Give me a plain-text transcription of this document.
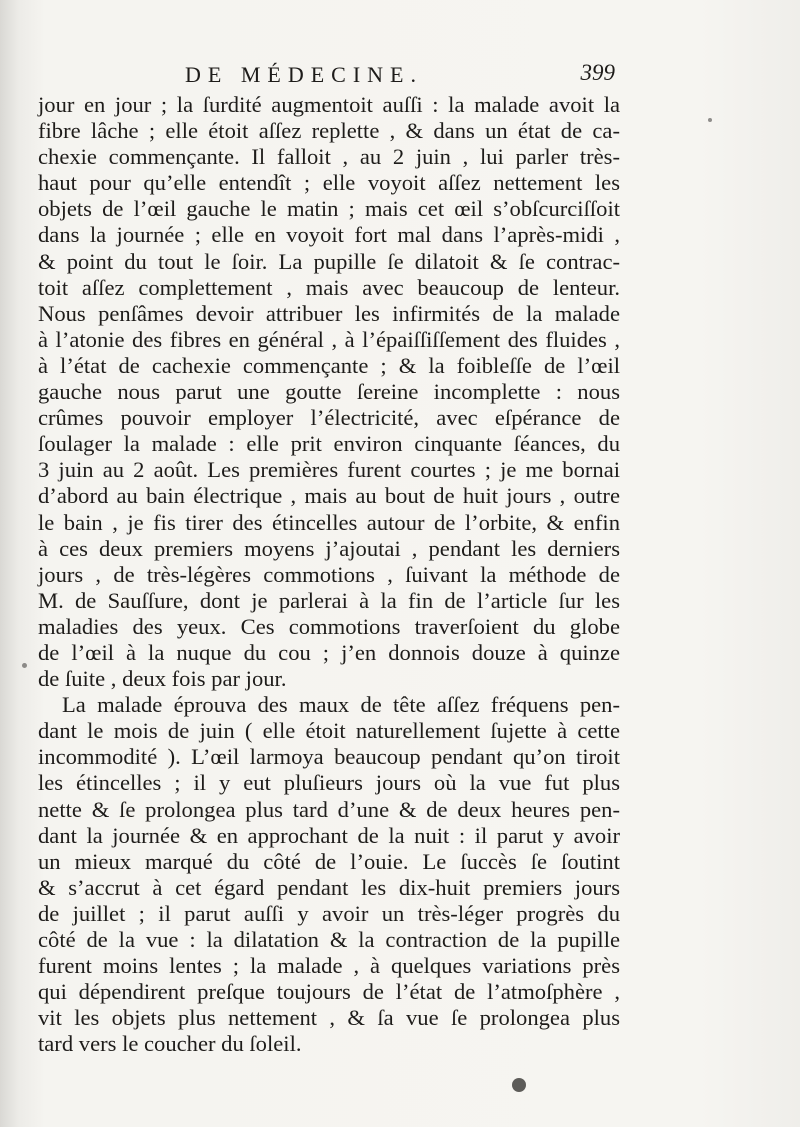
DE MÉDECINE.	399
jour en jour ; la ſurdité augmentoit auſſi : la malade avoit la
fibre lâche ; elle étoit aſſez replette , & dans un état de ca-
chexie commençante. Il falloit , au 2 juin , lui parler très-
haut pour qu’elle entendît ; elle voyoit aſſez nettement les
objets de l’œil gauche le matin ; mais cet œil s’obſcurciſſoit
dans la journée ; elle en voyoit fort mal dans l’après-midi ,
& point du tout le ſoir. La pupille ſe dilatoit & ſe contrac-
toit aſſez complettement , mais avec beaucoup de lenteur.
Nous penſâmes devoir attribuer les infirmités de la malade
à l’atonie des fibres en général , à l’épaiſſiſſement des fluides ,
à l’état de cachexie commençante ; & la foibleſſe de l’œil
gauche nous parut une goutte ſereine incomplette : nous
crûmes pouvoir employer l’électricité, avec eſpérance de
ſoulager la malade : elle prit environ cinquante ſéances, du
3 juin au 2 août. Les premières furent courtes ; je me bornai
d’abord au bain électrique , mais au bout de huit jours , outre
le bain , je fis tirer des étincelles autour de l’orbite, & enfin
à ces deux premiers moyens j’ajoutai , pendant les derniers
jours , de très-légères commotions , ſuivant la méthode de
M. de Sauſſure, dont je parlerai à la fin de l’article ſur les
maladies des yeux. Ces commotions traverſoient du globe
de l’œil à la nuque du cou ; j’en donnois douze à quinze
de ſuite , deux fois par jour.
La malade éprouva des maux de tête aſſez fréquens pen-
dant le mois de juin ( elle étoit naturellement ſujette à cette
incommodité ). L’œil larmoya beaucoup pendant qu’on tiroit
les étincelles ; il y eut pluſieurs jours où la vue fut plus
nette & ſe prolongea plus tard d’une & de deux heures pen-
dant la journée & en approchant de la nuit : il parut y avoir
un mieux marqué du côté de l’ouie. Le ſuccès ſe ſoutint
& s’accrut à cet égard pendant les dix-huit premiers jours
de juillet ; il parut auſſi y avoir un très-léger progrès du
côté de la vue : la dilatation & la contraction de la pupille
furent moins lentes ; la malade , à quelques variations près
qui dépendirent preſque toujours de l’état de l’atmoſphère ,
vit les objets plus nettement , & ſa vue ſe prolongea plus
tard vers le coucher du ſoleil.
